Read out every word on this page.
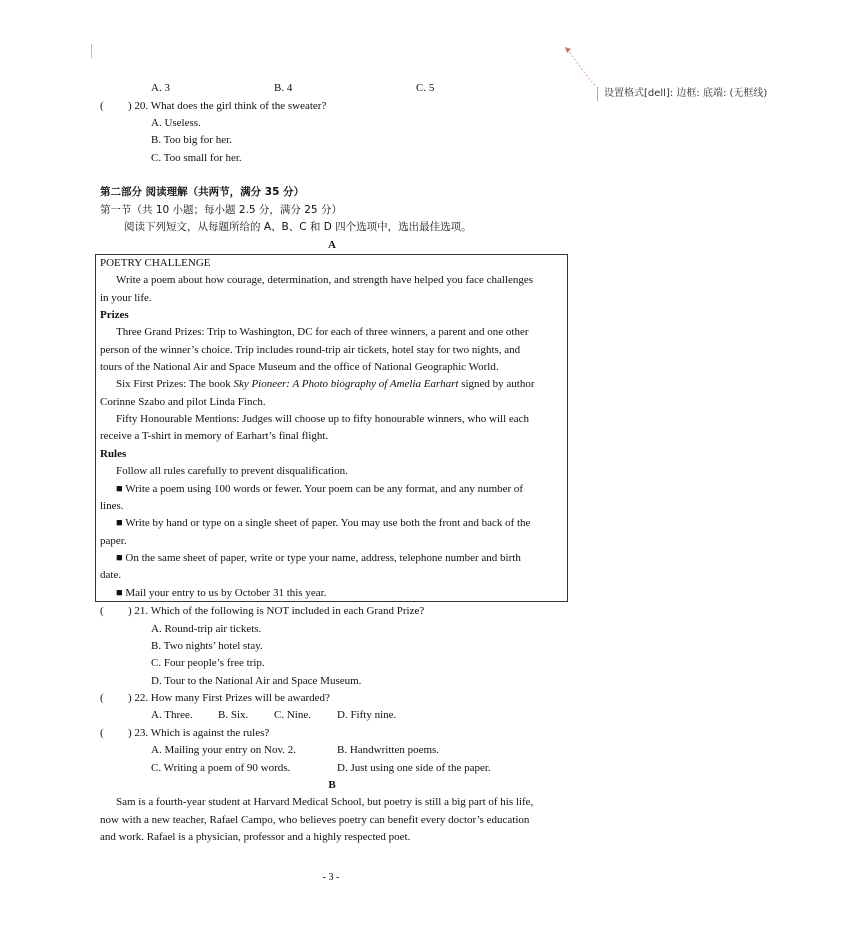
设置格式[dell]: 边框: 底端: (无框线)
A. 3	B. 4	C. 5
( ) 20. What does the girl think of the sweater?
A. Useless.
B. Too big for her.
C. Too small for her.
第二部分 阅读理解（共两节，满分 35 分）
第一节（共 10 小题；每小题 2.5 分，满分 25 分）
阅读下列短文，从每题所给的 A、B、C 和 D 四个选项中，选出最佳选项。
A
POETRY CHALLENGE
Write a poem about how courage, determination, and strength have helped you face challenges
in your life.
Prizes
Three Grand Prizes: Trip to Washington, DC for each of three winners, a parent and one other
person of the winner’s choice. Trip includes round-trip air tickets, hotel stay for two nights, and
tours of the National Air and Space Museum and the office of National Geographic World.
Six First Prizes: The book Sky Pioneer: A Photo biography of Amelia Earhart signed by author
Corinne Szabo and pilot Linda Finch.
Fifty Honourable Mentions: Judges will choose up to fifty honourable winners, who will each
receive a T-shirt in memory of Earhart’s final flight.
Rules
Follow all rules carefully to prevent disqualification.
■ Write a poem using 100 words or fewer. Your poem can be any format, and any number of
lines.
■ Write by hand or type on a single sheet of paper. You may use both the front and back of the
paper.
■ On the same sheet of paper, write or type your name, address, telephone number and birth
date.
■ Mail your entry to us by October 31 this year.
( ) 21. Which of the following is NOT included in each Grand Prize?
A. Round-trip air tickets.
B. Two nights’ hotel stay.
C. Four people’s free trip.
D. Tour to the National Air and Space Museum.
( ) 22. How many First Prizes will be awarded?
A. Three. B. Six. C. Nine. D. Fifty nine.
( ) 23. Which is against the rules?
A. Mailing your entry on Nov. 2.	B. Handwritten poems.
C. Writing a poem of 90 words.	D. Just using one side of the paper.
B
Sam is a fourth-year student at Harvard Medical School, but poetry is still a big part of his life,
now with a new teacher, Rafael Campo, who believes poetry can benefit every doctor’s education
and work. Rafael is a physician, professor and a highly respected poet.
- 3 -
